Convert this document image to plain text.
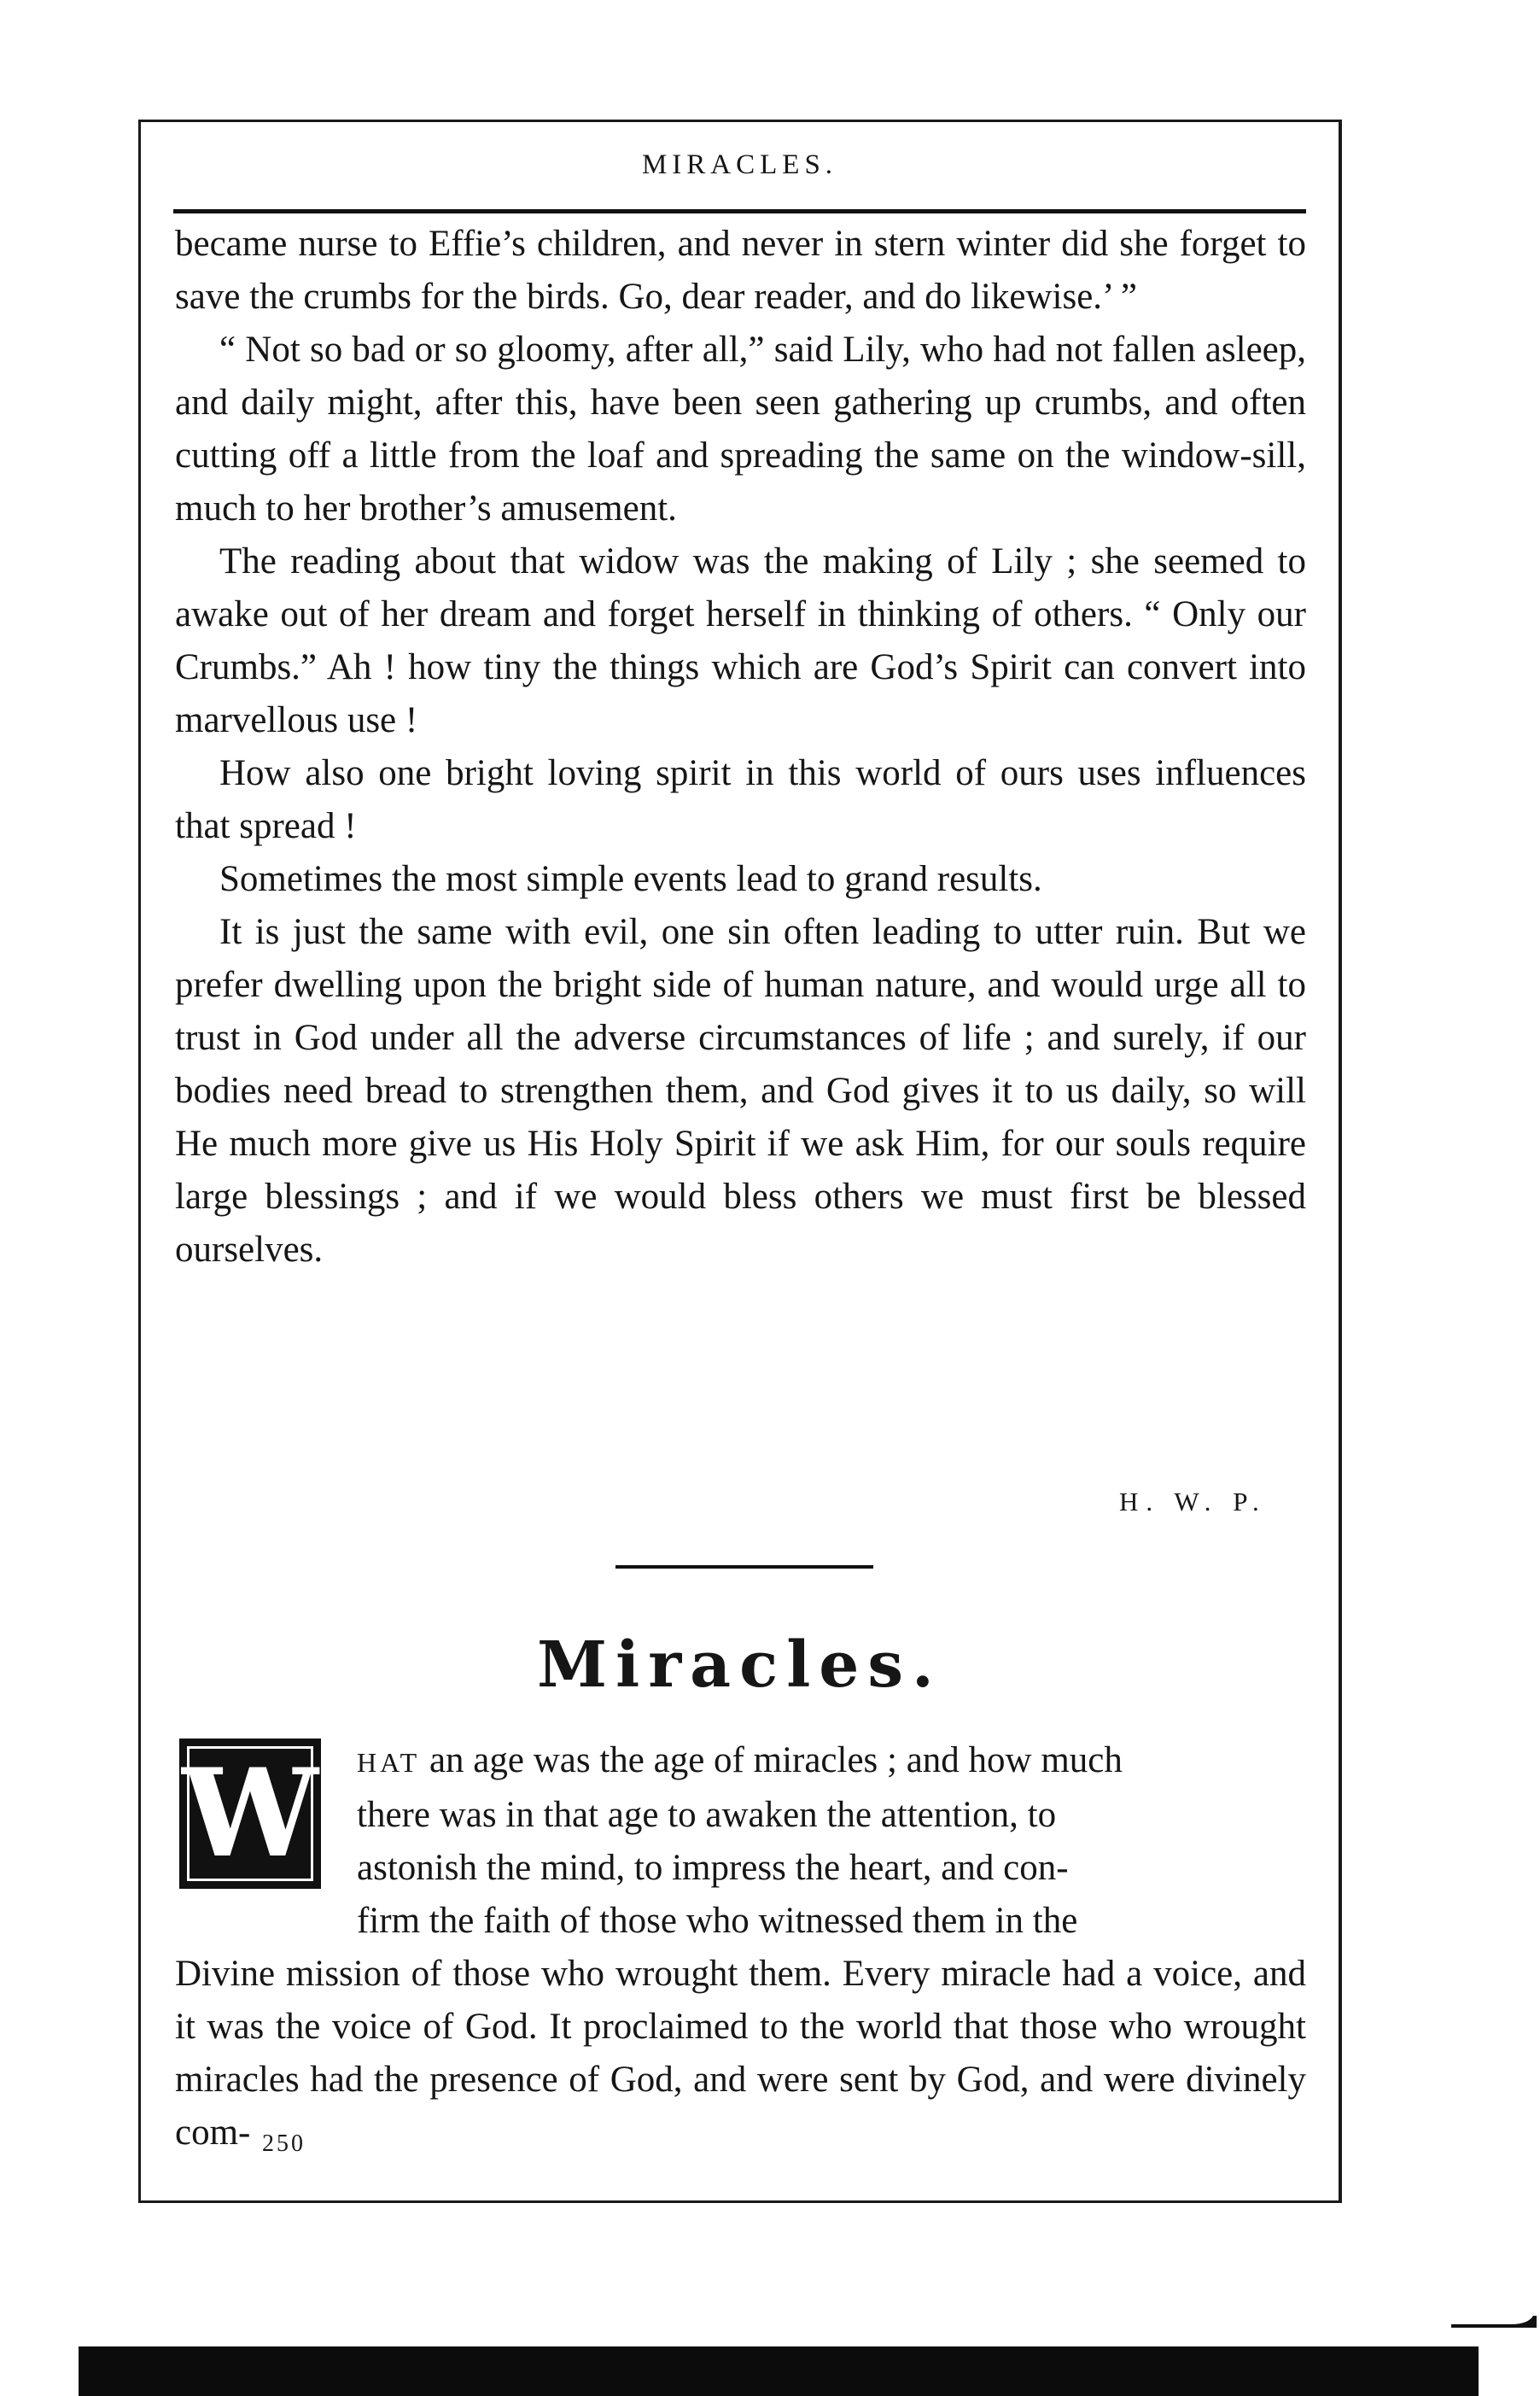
MIRACLES.

became nurse to Effie’s children, and never in stern winter did she forget to save the crumbs for the birds. Go, dear reader, and do likewise.’ ”

“ Not so bad or so gloomy, after all,” said Lily, who had not fallen asleep, and daily might, after this, have been seen gathering up crumbs, and often cutting off a little from the loaf and spreading the same on the window-sill, much to her brother’s amusement.

The reading about that widow was the making of Lily ; she seemed to awake out of her dream and forget herself in thinking of others. “ Only our Crumbs.” Ah ! how tiny the things which are God’s Spirit can convert into marvellous use !

How also one bright loving spirit in this world of ours uses influences that spread !

Sometimes the most simple events lead to grand results.

It is just the same with evil, one sin often leading to utter ruin. But we prefer dwelling upon the bright side of human nature, and would urge all to trust in God under all the adverse circumstances of life ; and surely, if our bodies need bread to strengthen them, and God gives it to us daily, so will He much more give us His Holy Spirit if we ask Him, for our souls require large blessings ; and if we would bless others we must first be blessed ourselves.

H. W. P.
Miracles.
W HAT an age was the age of miracles ; and how much
there was in that age to awaken the attention, to
astonish the mind, to impress the heart, and con-
firm the faith of those who witnessed them in the
Divine mission of those who wrought them. Every miracle had a voice, and it was the voice of God. It proclaimed to the world that those who wrought miracles had the presence of God, and were sent by God, and were divinely com- 250
